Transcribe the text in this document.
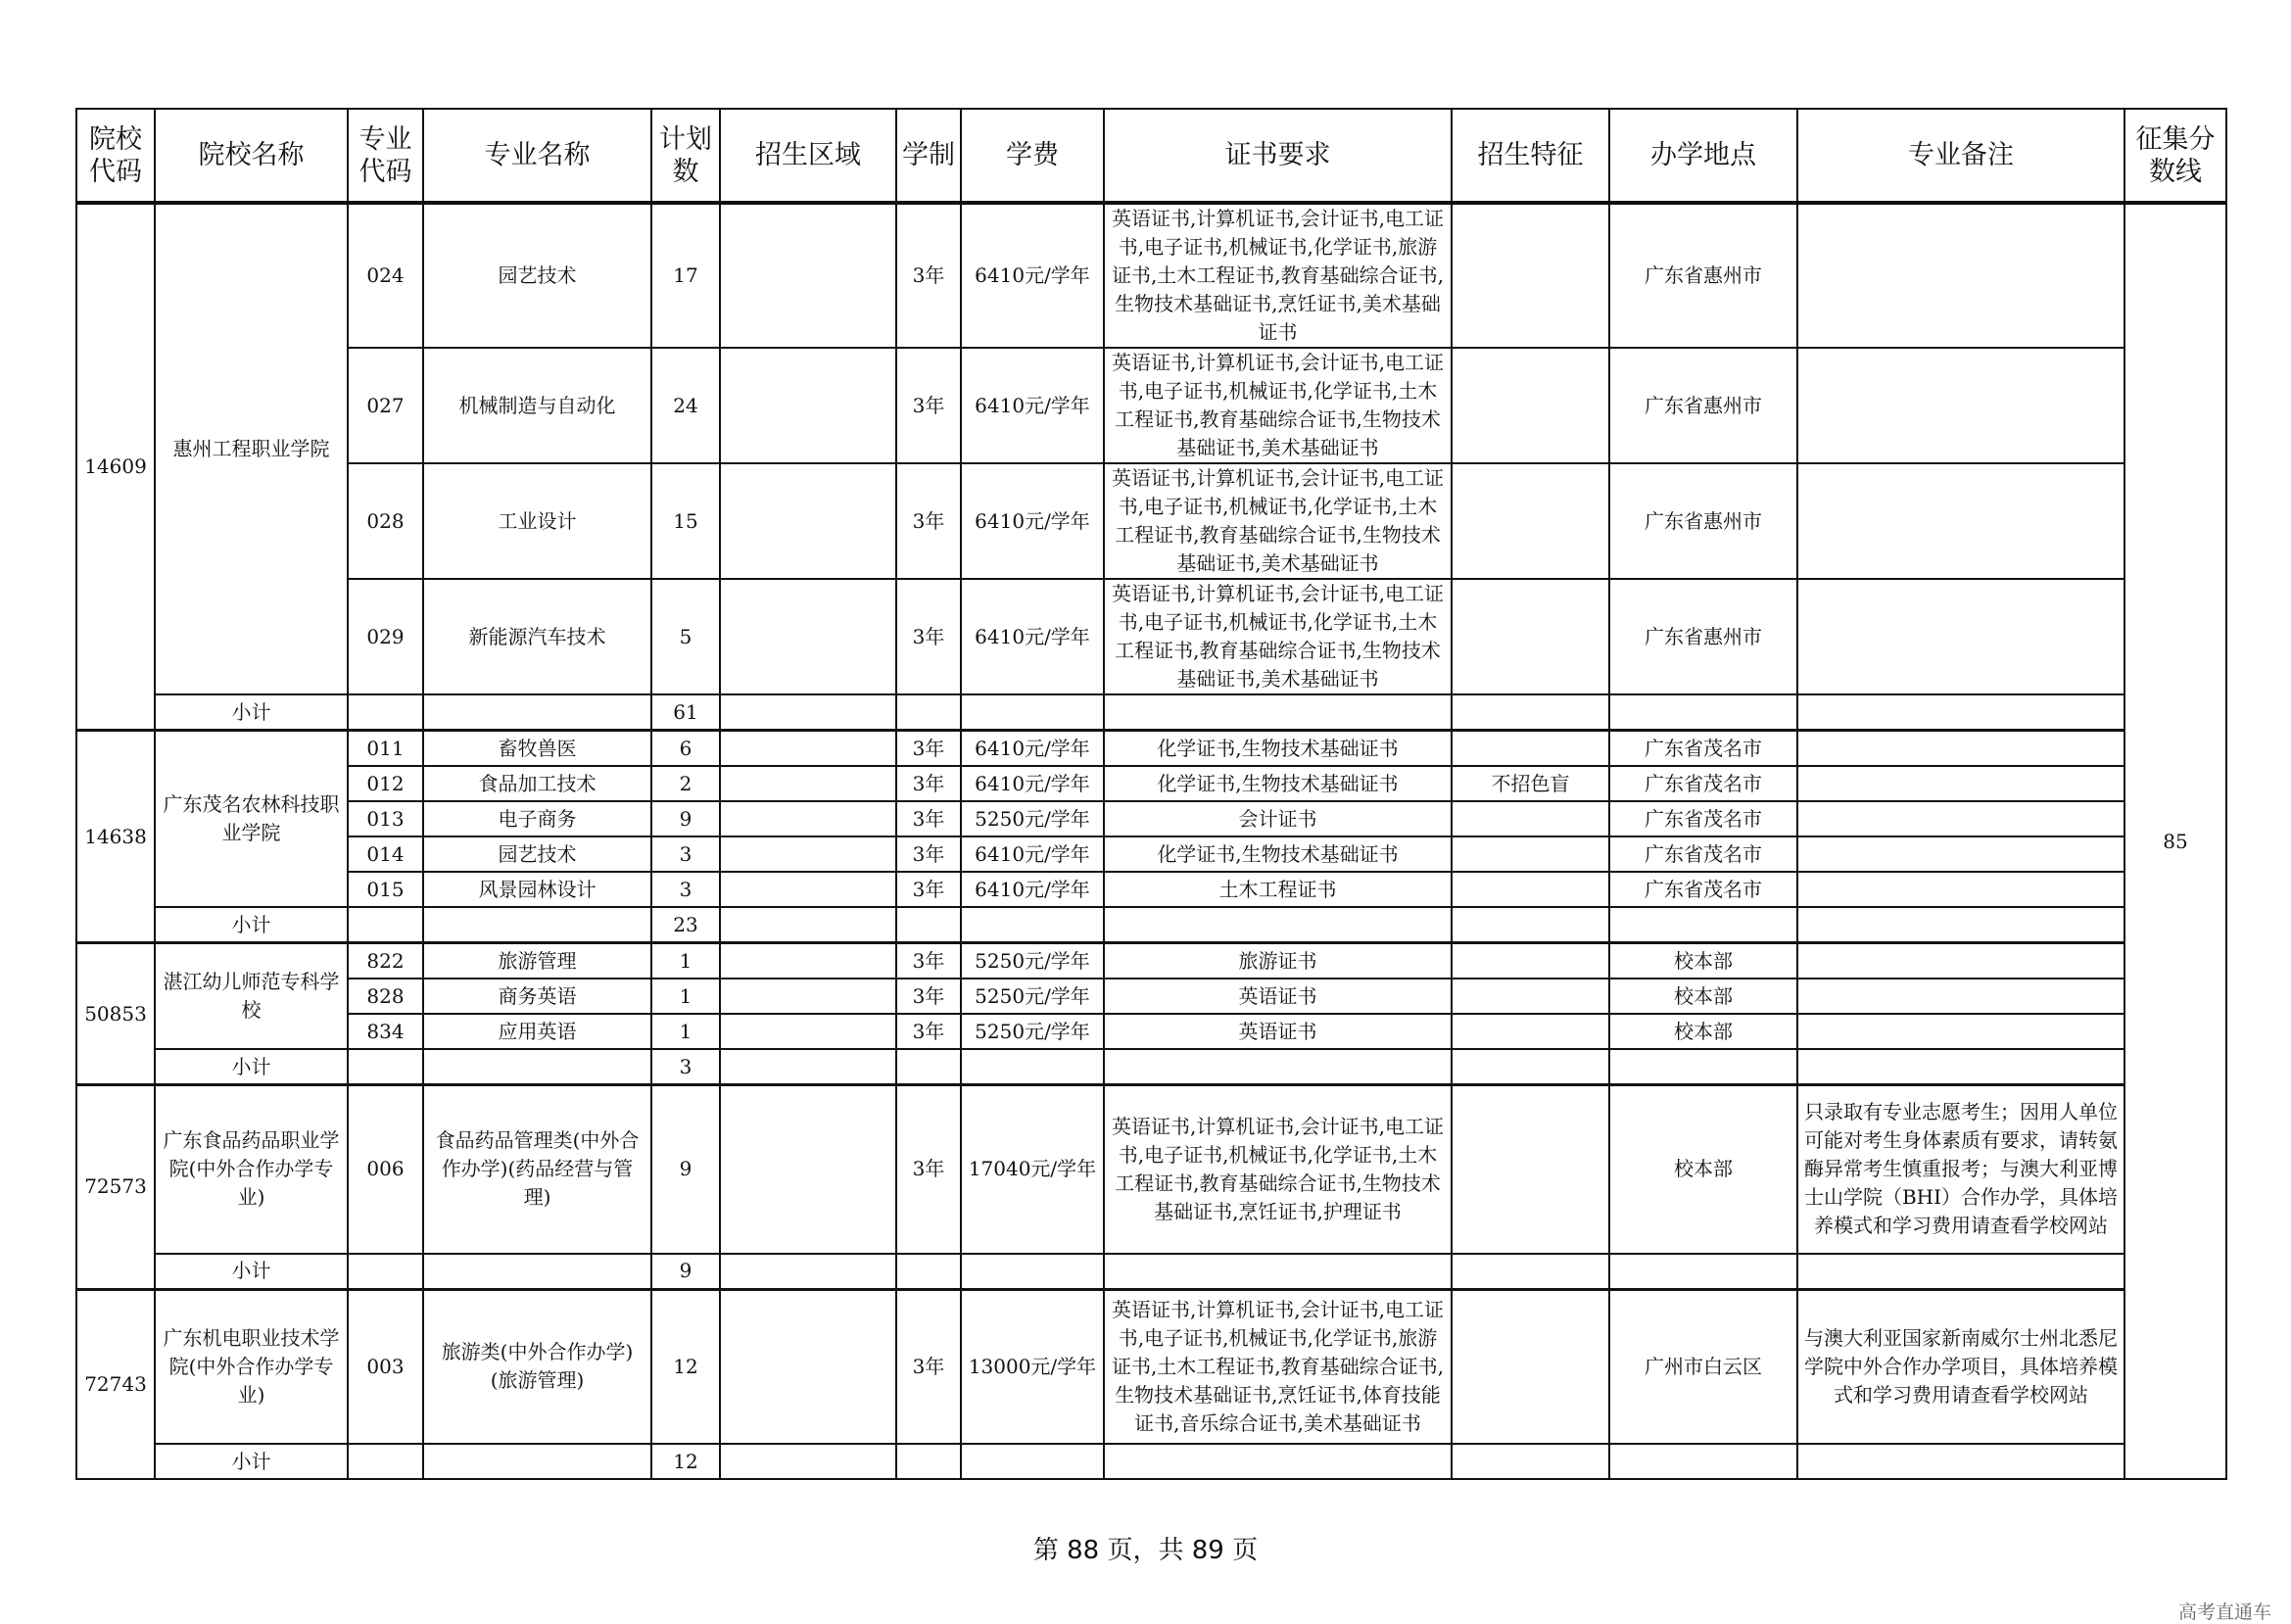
院校代码	院校名称	专业代码	专业名称	计划数	招生区域	学制	学费	证书要求	招生特征	办学地点	专业备注	征集分数线
14609	惠州工程职业学院	024	园艺技术	17		3年	6410元/学年	英语证书,计算机证书,会计证书,电工证书,电子证书,机械证书,化学证书,旅游证书,土木工程证书,教育基础综合证书,生物技术基础证书,烹饪证书,美术基础证书		广东省惠州市		85
		027	机械制造与自动化	24		3年	6410元/学年	英语证书,计算机证书,会计证书,电工证书,电子证书,机械证书,化学证书,土木工程证书,教育基础综合证书,生物技术基础证书,美术基础证书		广东省惠州市		
		028	工业设计	15		3年	6410元/学年	英语证书,计算机证书,会计证书,电工证书,电子证书,机械证书,化学证书,土木工程证书,教育基础综合证书,生物技术基础证书,美术基础证书		广东省惠州市		
		029	新能源汽车技术	5		3年	6410元/学年	英语证书,计算机证书,会计证书,电工证书,电子证书,机械证书,化学证书,土木工程证书,教育基础综合证书,生物技术基础证书,美术基础证书		广东省惠州市		
	小计			61								
14638	广东茂名农林科技职业学院	011	畜牧兽医	6		3年	6410元/学年	化学证书,生物技术基础证书		广东省茂名市		
		012	食品加工技术	2		3年	6410元/学年	化学证书,生物技术基础证书	不招色盲	广东省茂名市		
		013	电子商务	9		3年	5250元/学年	会计证书		广东省茂名市		
		014	园艺技术	3		3年	6410元/学年	化学证书,生物技术基础证书		广东省茂名市		
		015	风景园林设计	3		3年	6410元/学年	土木工程证书		广东省茂名市		
	小计			23								
50853	湛江幼儿师范专科学校	822	旅游管理	1		3年	5250元/学年	旅游证书		校本部		
		828	商务英语	1		3年	5250元/学年	英语证书		校本部		
		834	应用英语	1		3年	5250元/学年	英语证书		校本部		
	小计			3								
72573	广东食品药品职业学院(中外合作办学专业)	006	食品药品管理类(中外合作办学)(药品经营与管理)	9		3年	17040元/学年	英语证书,计算机证书,会计证书,电工证书,电子证书,机械证书,化学证书,土木工程证书,教育基础综合证书,生物技术基础证书,烹饪证书,护理证书		校本部	只录取有专业志愿考生；因用人单位可能对考生身体素质有要求，请转氨酶异常考生慎重报考；与澳大利亚博士山学院（BHI）合作办学，具体培养模式和学习费用请查看学校网站	
	小计			9								
72743	广东机电职业技术学院(中外合作办学专业)	003	旅游类(中外合作办学)(旅游管理)	12		3年	13000元/学年	英语证书,计算机证书,会计证书,电工证书,电子证书,机械证书,化学证书,旅游证书,土木工程证书,教育基础综合证书,生物技术基础证书,烹饪证书,体育技能证书,音乐综合证书,美术基础证书		广州市白云区	与澳大利亚国家新南威尔士州北悉尼学院中外合作办学项目，具体培养模式和学习费用请查看学校网站	
	小计			12								
第 88 页，共 89 页
高考直通车
